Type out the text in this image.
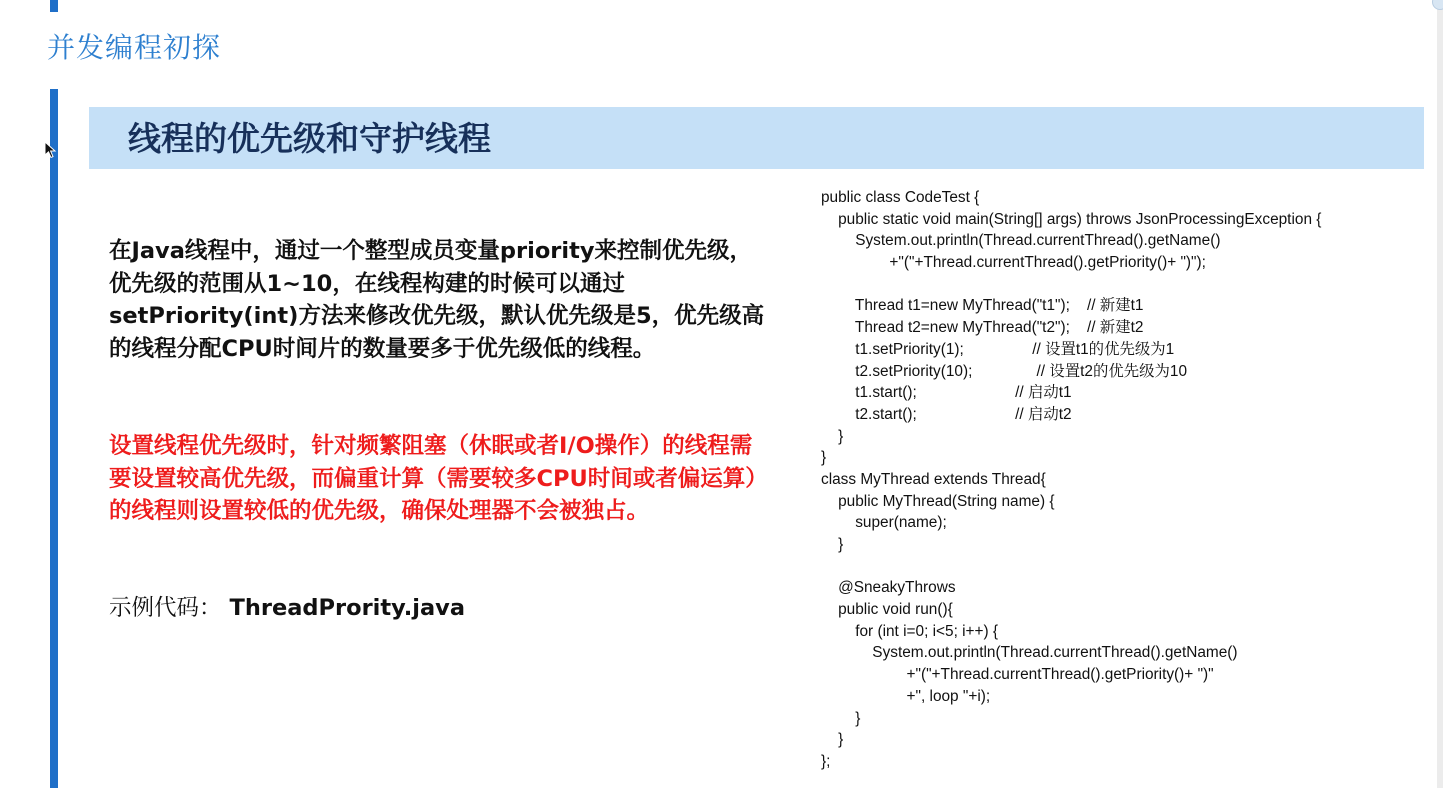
并发编程初探
线程的优先级和守护线程

在Java线程中，通过一个整型成员变量priority来控制优先级，优先级的范围从1~10，在线程构建的时候可以通过setPriority(int)方法来修改优先级，默认优先级是5，优先级高的线程分配CPU时间片的数量要多于优先级低的线程。

设置线程优先级时，针对频繁阻塞（休眠或者I/O操作）的线程需要设置较高优先级，而偏重计算（需要较多CPU时间或者偏运算）的线程则设置较低的优先级，确保处理器不会被独占。

示例代码： ThreadPrority.java

public class CodeTest {
public static void main(String[] args) throws JsonProcessingException {
System.out.println(Thread.currentThread().getName()
+"("+Thread.currentThread().getPriority()+ ")");
Thread t1=new MyThread("t1");    // 新建t1
Thread t2=new MyThread("t2");    // 新建t2
t1.setPriority(1);                // 设置t1的优先级为1
t2.setPriority(10);               // 设置t2的优先级为10
t1.start();                       // 启动t1
t2.start();                       // 启动t2
}
}
class MyThread extends Thread{
public MyThread(String name) {
super(name);
}
@SneakyThrows
public void run(){
for (int i=0; i<5; i++) {
System.out.println(Thread.currentThread().getName()
+"("+Thread.currentThread().getPriority()+ ")"
+", loop "+i);
}
}
};
